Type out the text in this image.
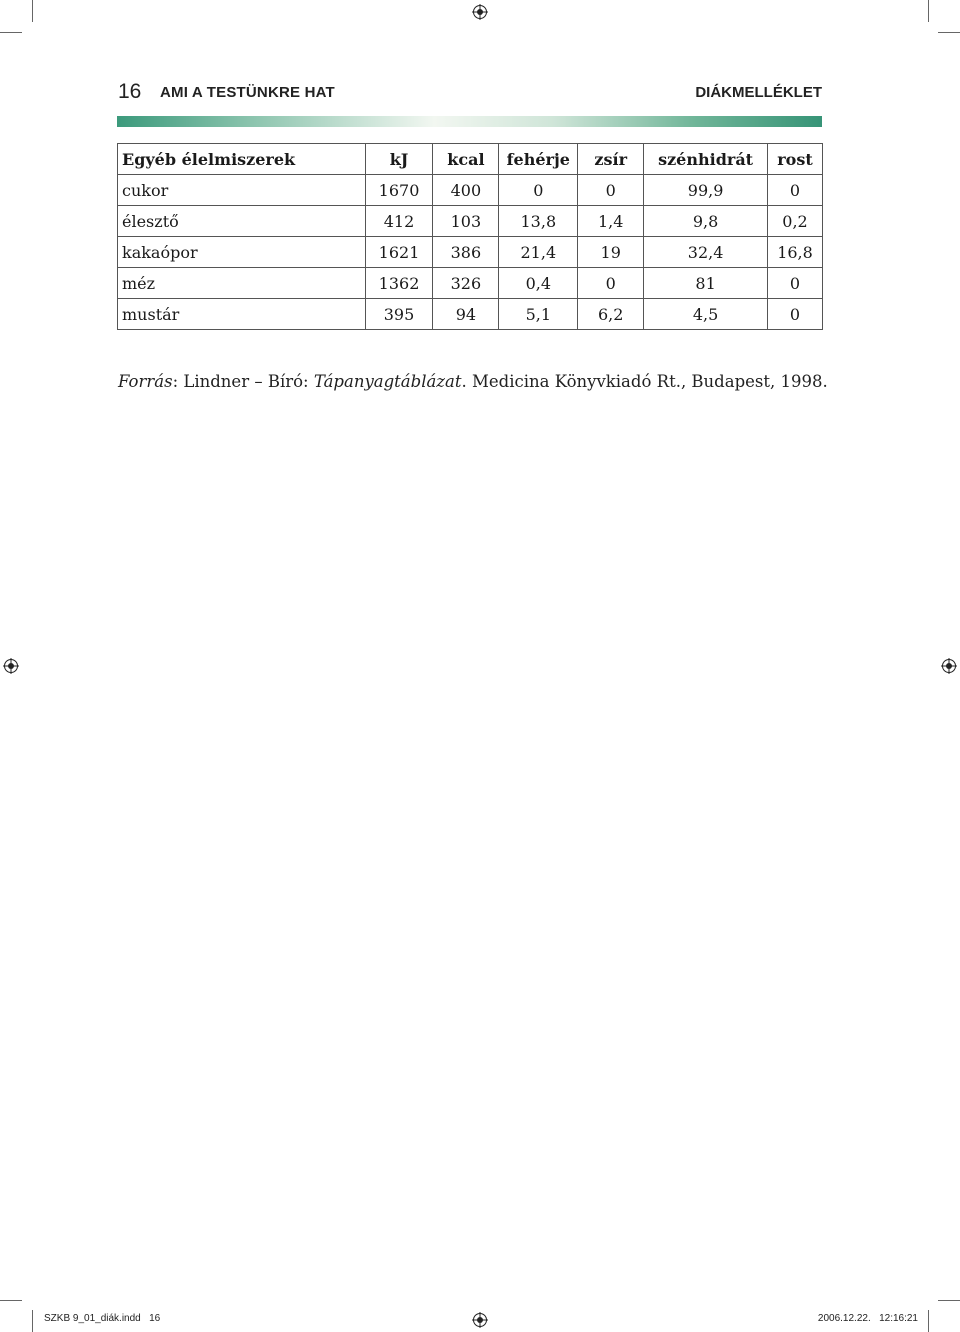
16 AMI A TESTÜNKRE HAT	DIÁKMELLÉKLET
Egyéb élelmiszerek	kJ	kcal	fehérje	zsír	szénhidrát	rost
cukor	1670	400	0	0	99,9	0
élesztő	412	103	13,8	1,4	9,8	0,2
kakaópor	1621	386	21,4	19	32,4	16,8
méz	1362	326	0,4	0	81	0
mustár	395	94	5,1	6,2	4,5	0
Forrás: Lindner – Bíró: Tápanyagtáblázat. Medicina Könyvkiadó Rt., Budapest, 1998.
SZKB 9_01_diák.indd   16	2006.12.22.   12:16:21
